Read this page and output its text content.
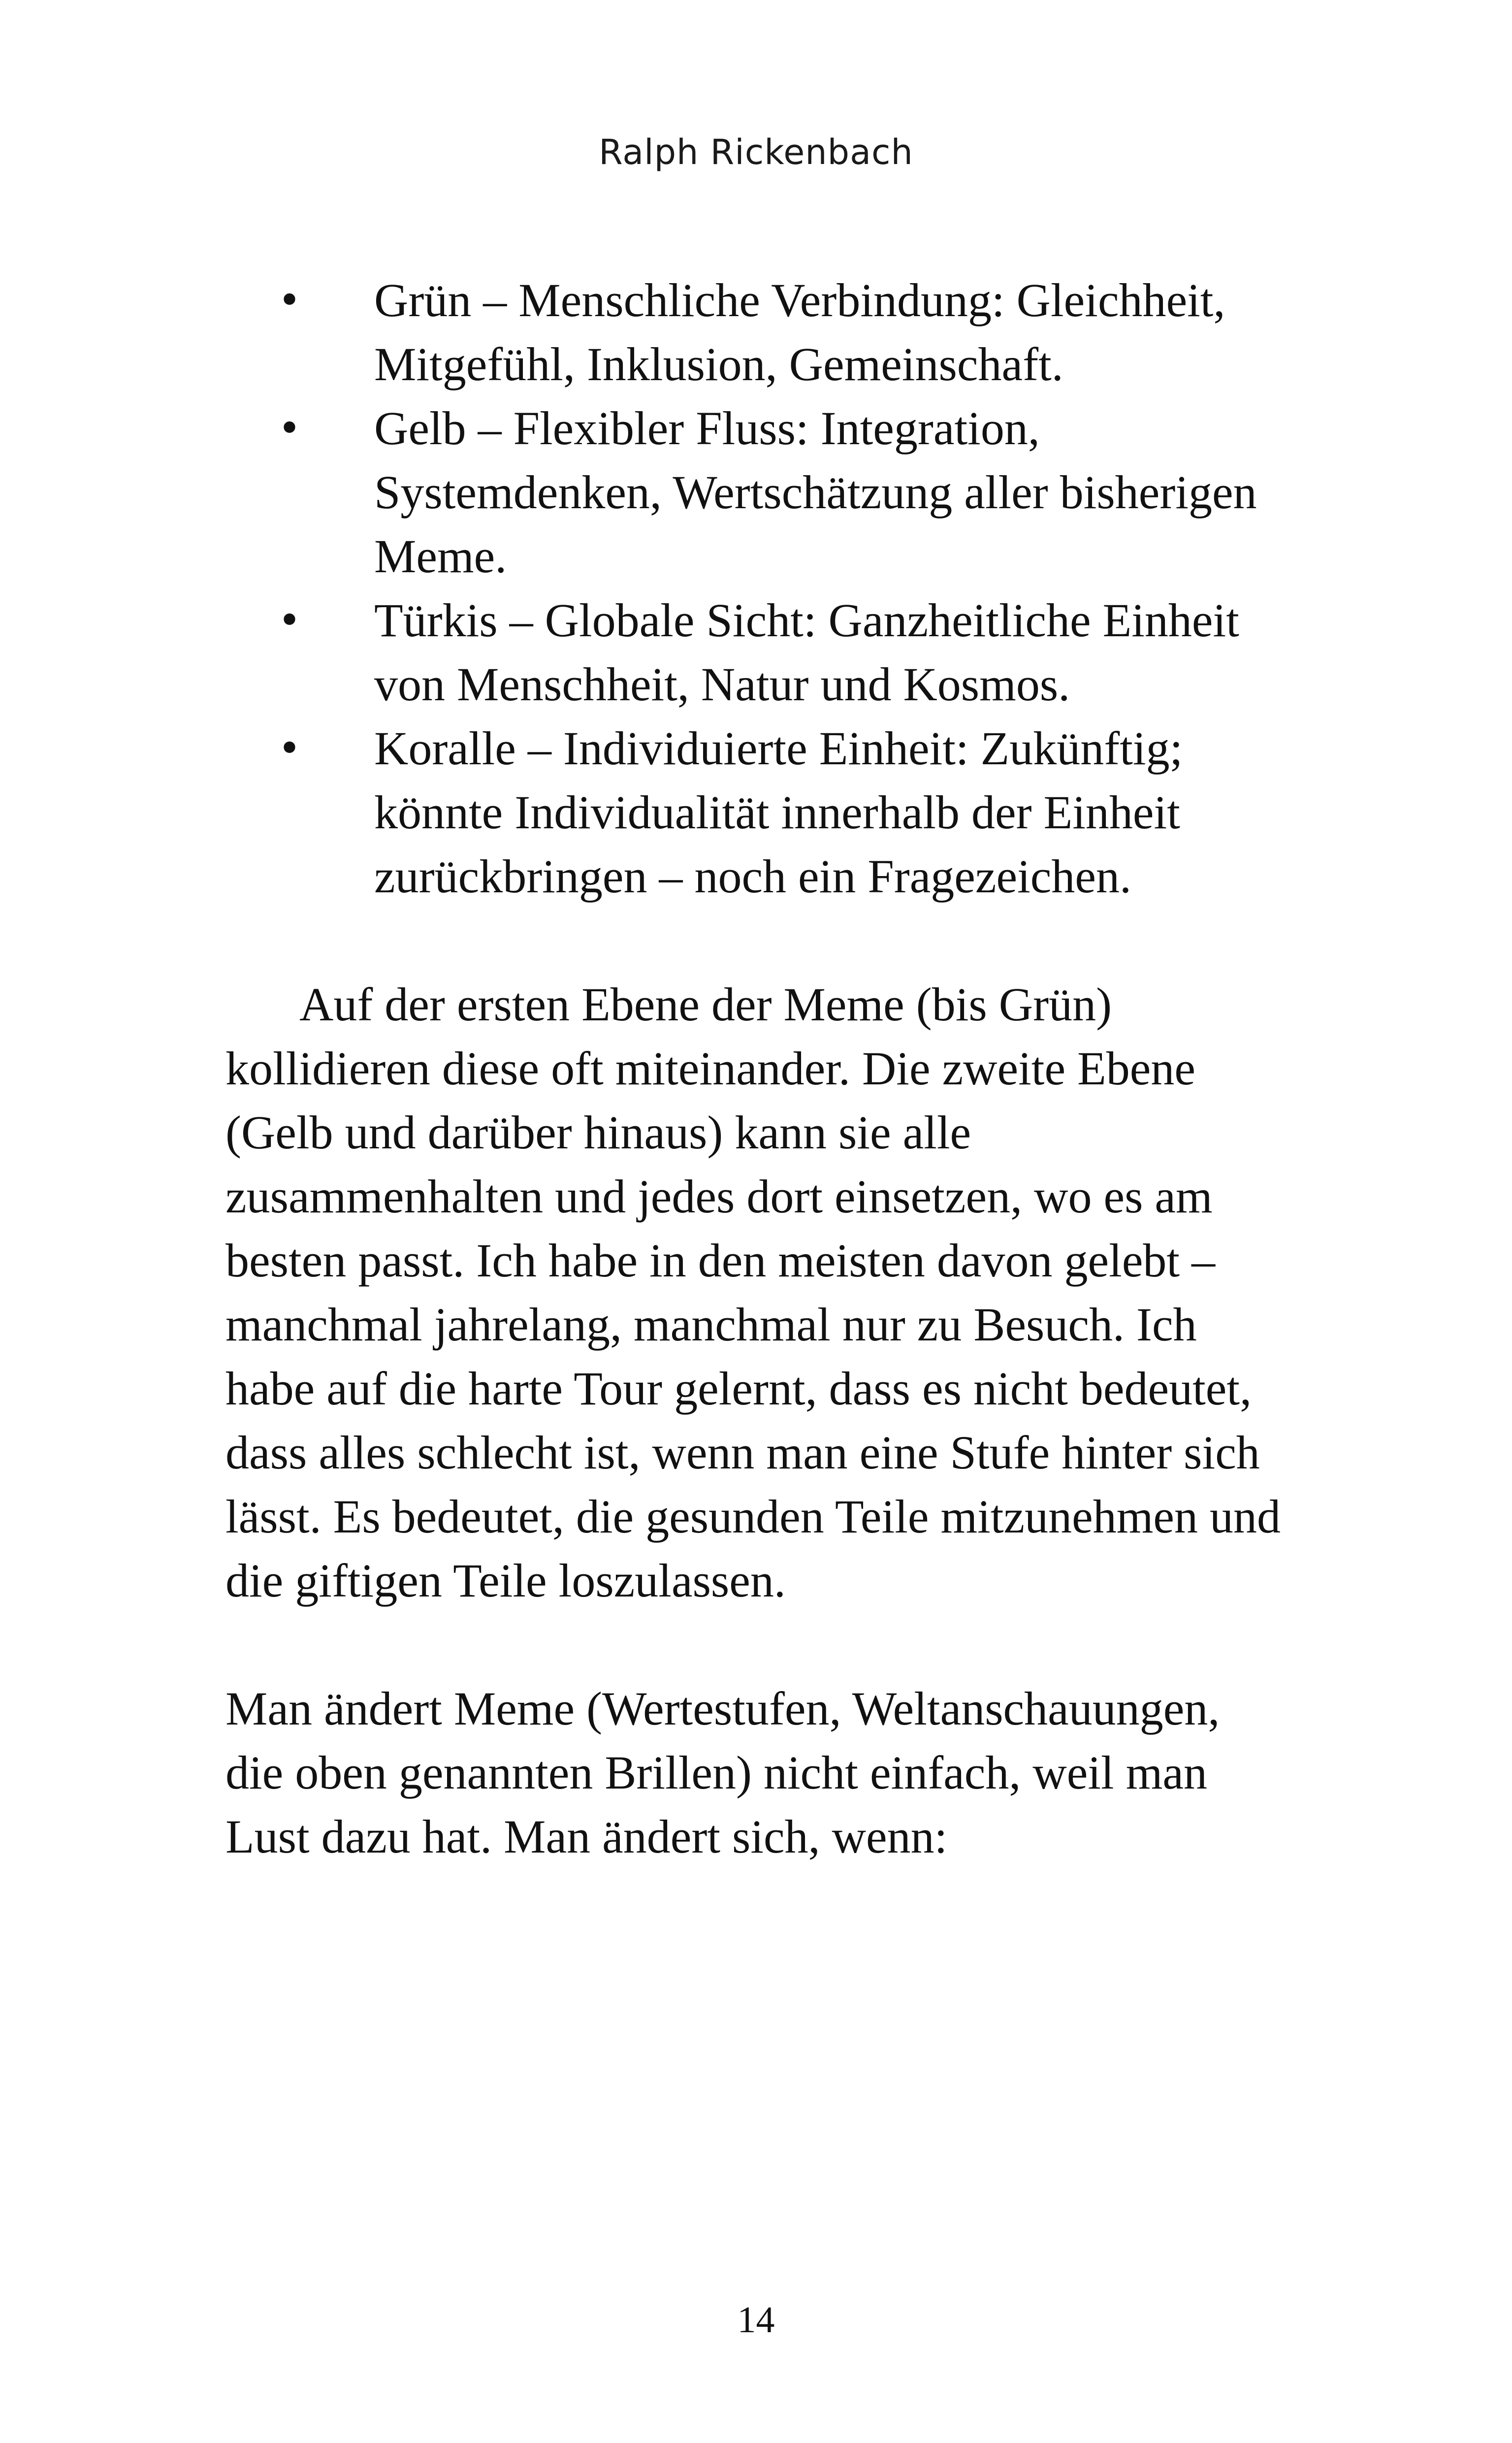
Ralph Rickenbach
• Grün – Menschliche Verbindung: Gleichheit, Mitgefühl, Inklusion, Gemeinschaft.
• Gelb – Flexibler Fluss: Integration, Systemdenken, Wertschätzung aller bisherigen Meme.
• Türkis – Globale Sicht: Ganzheitliche Einheit von Menschheit, Natur und Kosmos.
• Koralle – Individuierte Einheit: Zukünftig; könnte Individualität innerhalb der Einheit zurückbringen – noch ein Fragezeichen.

Auf der ersten Ebene der Meme (bis Grün) kollidieren diese oft miteinander. Die zweite Ebene (Gelb und darüber hinaus) kann sie alle zusammenhalten und jedes dort einsetzen, wo es am besten passt. Ich habe in den meisten davon gelebt – manchmal jahrelang, manchmal nur zu Besuch. Ich habe auf die harte Tour gelernt, dass es nicht bedeutet, dass alles schlecht ist, wenn man eine Stufe hinter sich lässt. Es bedeutet, die gesunden Teile mitzunehmen und die giftigen Teile loszulassen.

Man ändert Meme (Wertestufen, Weltanschauungen, die oben genannten Brillen) nicht einfach, weil man Lust dazu hat. Man ändert sich, wenn:

14
